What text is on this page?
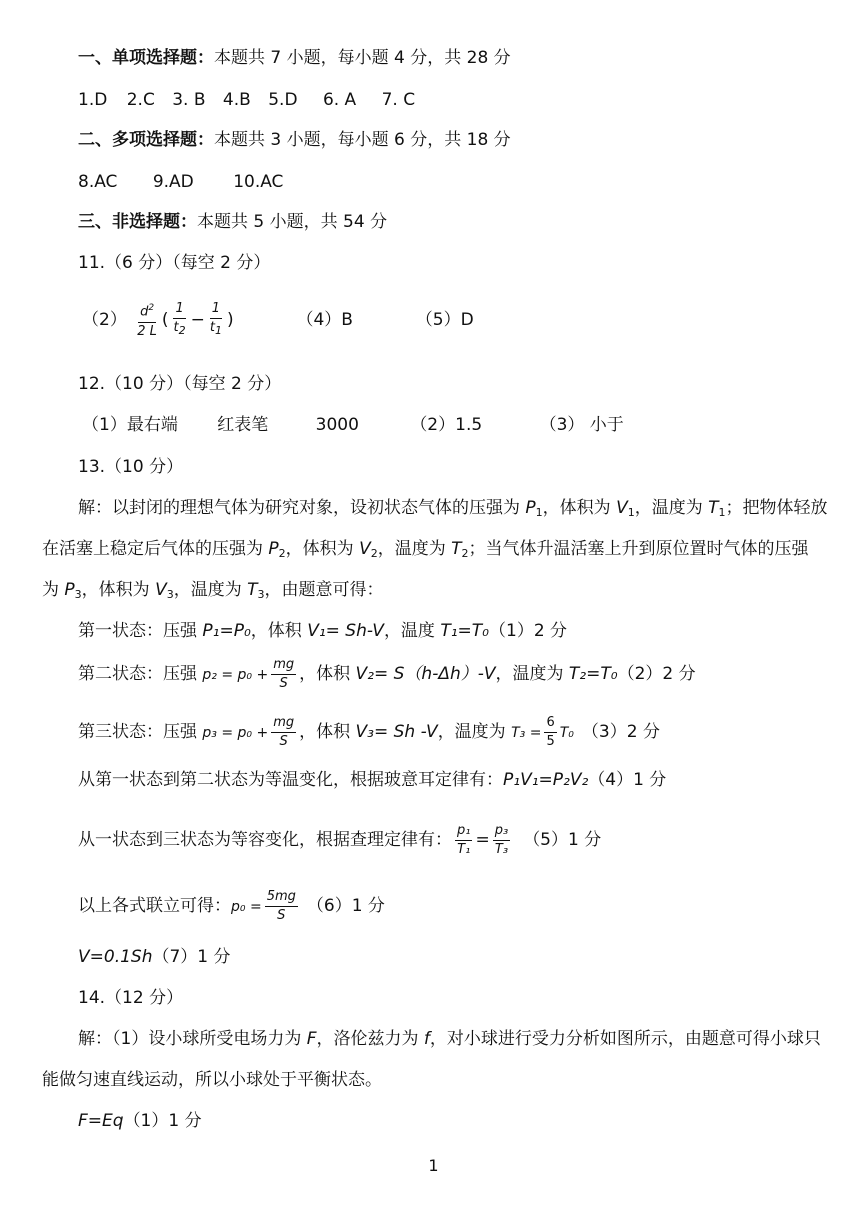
一、单项选择题：本题共 7 小题，每小题 4 分，共 28 分
1.D 2.C 3. B 4.B 5.D 6. A 7. C
二、多项选择题：本题共 3 小题，每小题 6 分，共 18 分
8.AC 9.AD 10.AC
三、非选择题：本题共 5 小题，共 54 分
11.（6 分）（每空 2 分）
$(2) \frac{d^2}{2 L}$ ( $\frac{1}{t_2} - \frac{1}{t_1}$ )	（4）B	（5）D
12.（10 分）（每空 2 分）
（1）最右端 红表笔	3000	（2）1.5	（3） 小于
13.（10 分）
解：以封闭的理想气体为研究对象，设初状态气体的压强为 $P_1$，体积为 $V_1$，温度为 $T_1$；把物体轻放
在活塞上稳定后气体的压强为 $P_2$，体积为 $V_2$，温度为 $T_2$；当气体升温活塞上升到原位置时气体的压强
为 $P_3$，体积为 $V_3$，温度为 $T_3$，由题意可得：
第一状态：压强 P₁=P₀，体积 V₁= Sh-V，温度 T₁=T₀（1）2 分
第二状态：压强 $p_2 = p_0 + \frac{mg}{S}$ ，体积 V₂= S（h-Δh）-V，温度为 T₂=T₀（2）2 分
第三状态：压强 $p_3 = p_0 + \frac{mg}{S}$ ，体积 V₃= Sh -V，温度为 $T_3 = \frac{6}{5} T_0$ （3）2 分
从第一状态到第二状态为等温变化，根据玻意耳定律有：P₁V₁=P₂V₂（4）1 分
从一状态到三状态为等容变化，根据查理定律有： $\frac{\text{p₁}}{\text{T₁}} = \frac{\text{p₃}}{\text{T₃}} (5)1$ 分
以上各式联立可得：$p_0 = \frac{5mg}{S} (6)1$ 分
V=0.1Sh（7）1 分
14.（12 分）
解：（1）设小球所受电场力为 F，洛伦兹力为 f，对小球进行受力分析如图所示，由题意可得小球只
能做匀速直线运动，所以小球处于平衡状态。
F=Eq（1）1 分
1
